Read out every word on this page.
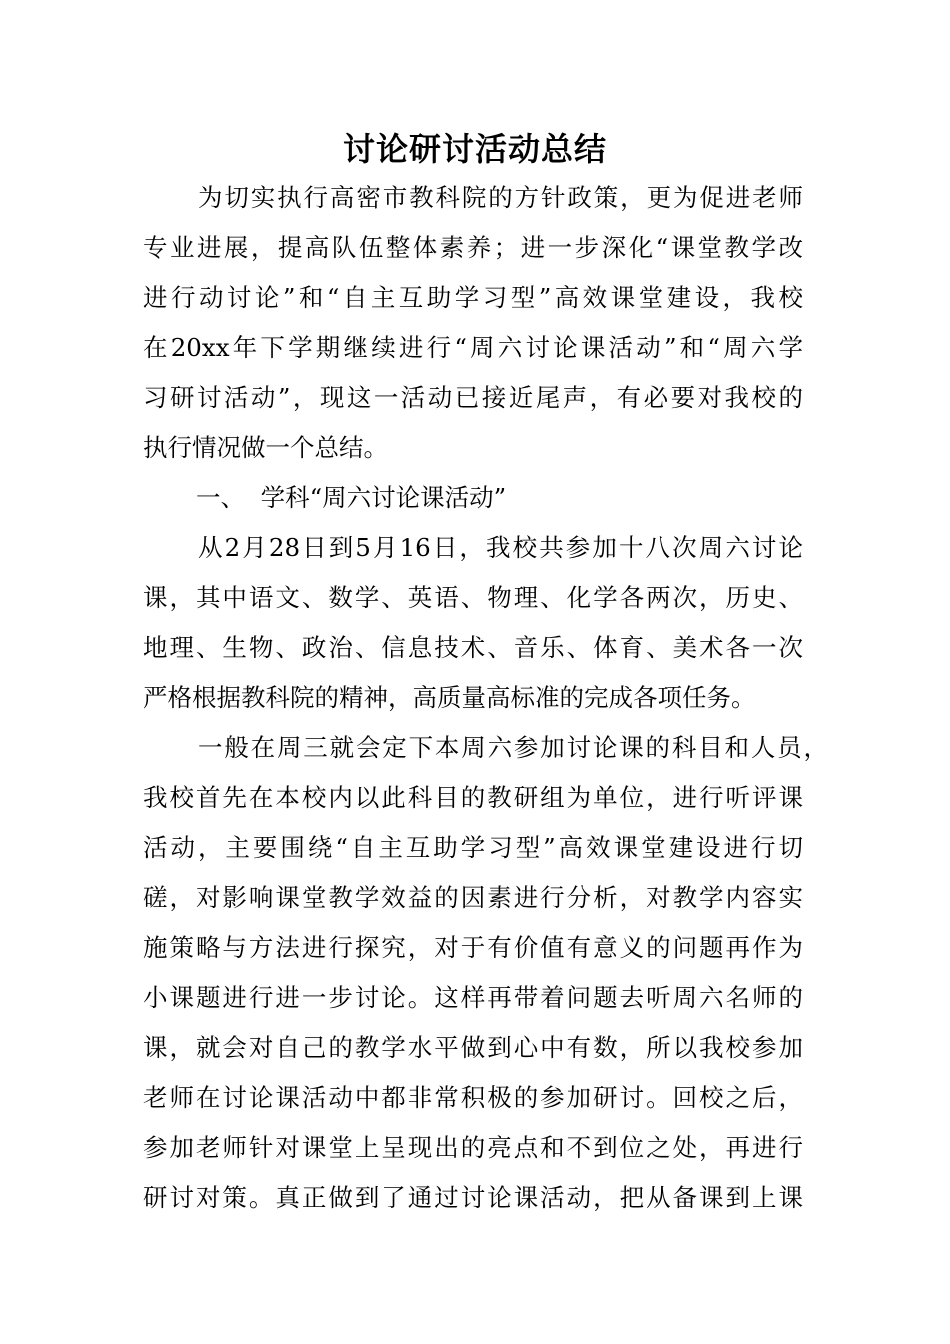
讨论研讨活动总结
为切实执行高密市教科院的方针政策，更为促进老师
专业进展，提高队伍整体素养；进一步深化“课堂教学改
进行动讨论”和“自主互助学习型”高效课堂建设，我校
在20xx年下学期继续进行“周六讨论课活动”和“周六学
习研讨活动”，现这一活动已接近尾声，有必要对我校的
执行情况做一个总结。
一、  学科“周六讨论课活动”
从2月28日到5月16日，我校共参加十八次周六讨论
课，其中语文、数学、英语、物理、化学各两次，历史、
地理、生物、政治、信息技术、音乐、体育、美术各一次
严格根据教科院的精神，高质量高标准的完成各项任务。
一般在周三就会定下本周六参加讨论课的科目和人员，
我校首先在本校内以此科目的教研组为单位，进行听评课
活动，主要围绕“自主互助学习型”高效课堂建设进行切
磋，对影响课堂教学效益的因素进行分析，对教学内容实
施策略与方法进行探究，对于有价值有意义的问题再作为
小课题进行进一步讨论。这样再带着问题去听周六名师的
课，就会对自己的教学水平做到心中有数，所以我校参加
老师在讨论课活动中都非常积极的参加研讨。回校之后，
参加老师针对课堂上呈现出的亮点和不到位之处，再进行
研讨对策。真正做到了通过讨论课活动，把从备课到上课
